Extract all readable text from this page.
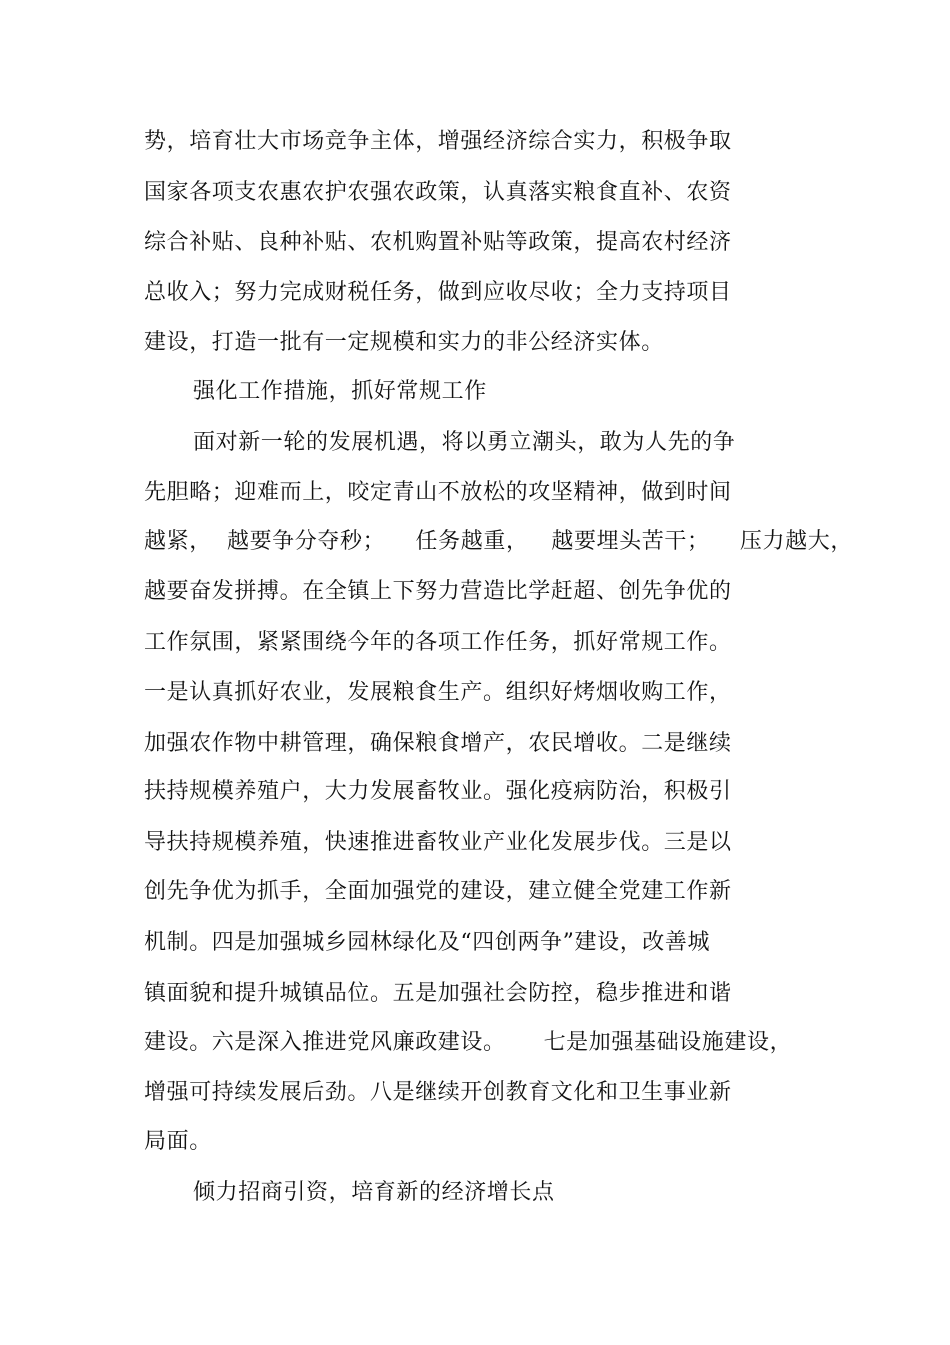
势，培育壮大市场竞争主体，增强经济综合实力，积极争取
国家各项支农惠农护农强农政策，认真落实粮食直补、农资
综合补贴、良种补贴、农机购置补贴等政策，提高农村经济
总收入；努力完成财税任务，做到应收尽收；全力支持项目
建设，打造一批有一定规模和实力的非公经济实体。
强化工作措施，抓好常规工作
面对新一轮的发展机遇，将以勇立潮头，敢为人先的争
先胆略；迎难而上，咬定青山不放松的攻坚精神，做到时间
越紧，  越要争分夺秒；    任务越重，   越要埋头苦干；    压力越大，
越要奋发拼搏。在全镇上下努力营造比学赶超、创先争优的
工作氛围，紧紧围绕今年的各项工作任务，抓好常规工作。
一是认真抓好农业，发展粮食生产。组织好烤烟收购工作，
加强农作物中耕管理，确保粮食增产，农民增收。二是继续
扶持规模养殖户，大力发展畜牧业。强化疫病防治，积极引
导扶持规模养殖，快速推进畜牧业产业化发展步伐。三是以
创先争优为抓手，全面加强党的建设，建立健全党建工作新
机制。四是加强城乡园林绿化及“四创两争”建设，改善城
镇面貌和提升城镇品位。五是加强社会防控，稳步推进和谐
建设。六是深入推进党风廉政建设。     七是加强基础设施建设，
增强可持续发展后劲。八是继续开创教育文化和卫生事业新
局面。
倾力招商引资，培育新的经济增长点
